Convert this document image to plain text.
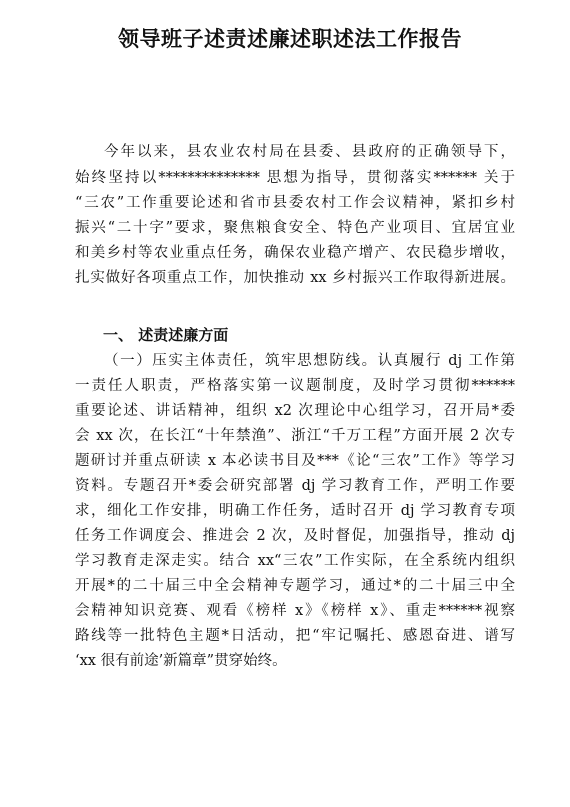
领导班子述责述廉述职述法工作报告
今年以来，县农业农村局在县委、县政府的正确领导下，
始终坚持以************** 思想为指导，贯彻落实****** 关于
“三农”工作重要论述和省市县委农村工作会议精神，紧扣乡村
振兴“二十字”要求，聚焦粮食安全、特色产业项目、宜居宜业
和美乡村等农业重点任务，确保农业稳产增产、农民稳步增收，
扎实做好各项重点工作，加快推动 xx 乡村振兴工作取得新进展。
一、 述责述廉方面
（一）压实主体责任，筑牢思想防线。认真履行 dj 工作第
一责任人职责，严格落实第一议题制度，及时学习贯彻******
重要论述、讲话精神，组织 x2 次理论中心组学习，召开局*委
会 xx 次，在长江“十年禁渔”、浙江“千万工程”方面开展 2 次专
题研讨并重点研读 x 本必读书目及***《论“三农”工作》等学习
资料。专题召开*委会研究部署 dj 学习教育工作，严明工作要
求，细化工作安排，明确工作任务，适时召开 dj 学习教育专项
任务工作调度会、推进会 2 次，及时督促，加强指导，推动 dj
学习教育走深走实。结合 xx“三农”工作实际，在全系统内组织
开展*的二十届三中全会精神专题学习，通过*的二十届三中全
会精神知识竞赛、观看《榜样 x》《榜样 x》、重走******视察
路线等一批特色主题*日活动，把“牢记嘱托、感恩奋进、谱写
‘xx 很有前途’新篇章”贯穿始终。
